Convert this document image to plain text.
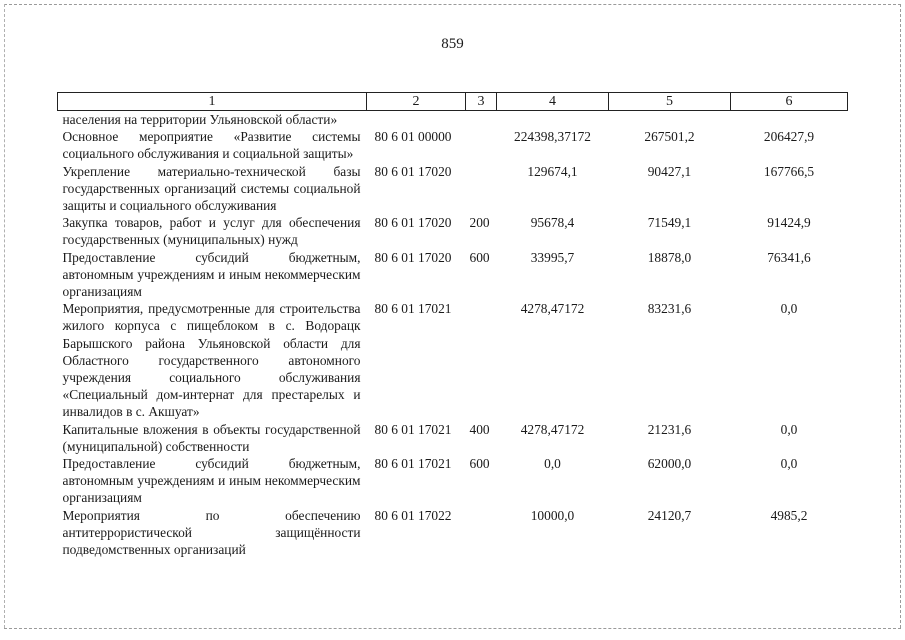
859
1	2	3	4	5	6
населения на территории Ульяновской области»					
Основное мероприятие «Развитие системы социального обслуживания и социальной защиты»	80 6 01 00000		224398,37172	267501,2	206427,9
Укрепление материально-технической базы государственных организаций системы социальной защиты и социального обслуживания	80 6 01 17020		129674,1	90427,1	167766,5
Закупка товаров, работ и услуг для обеспечения государственных (муниципальных) нужд	80 6 01 17020	200	95678,4	71549,1	91424,9
Предоставление субсидий бюджетным, автономным учреждениям и иным некоммерческим организациям	80 6 01 17020	600	33995,7	18878,0	76341,6
Мероприятия, предусмотренные для строительства жилого корпуса с пищеблоком в с. Водорацк Барышского района Ульяновской области для Областного государственного автономного учреждения социального обслуживания «Специальный дом-интернат для престарелых и инвалидов в с. Акшуат»	80 6 01 17021		4278,47172	83231,6	0,0
Капитальные вложения в объекты государственной (муниципальной) собственности	80 6 01 17021	400	4278,47172	21231,6	0,0
Предоставление субсидий бюджетным, автономным учреждениям и иным некоммерческим организациям	80 6 01 17021	600	0,0	62000,0	0,0
Мероприятия по обеспечению антитеррористической защищённости подведомственных организаций	80 6 01 17022		10000,0	24120,7	4985,2
